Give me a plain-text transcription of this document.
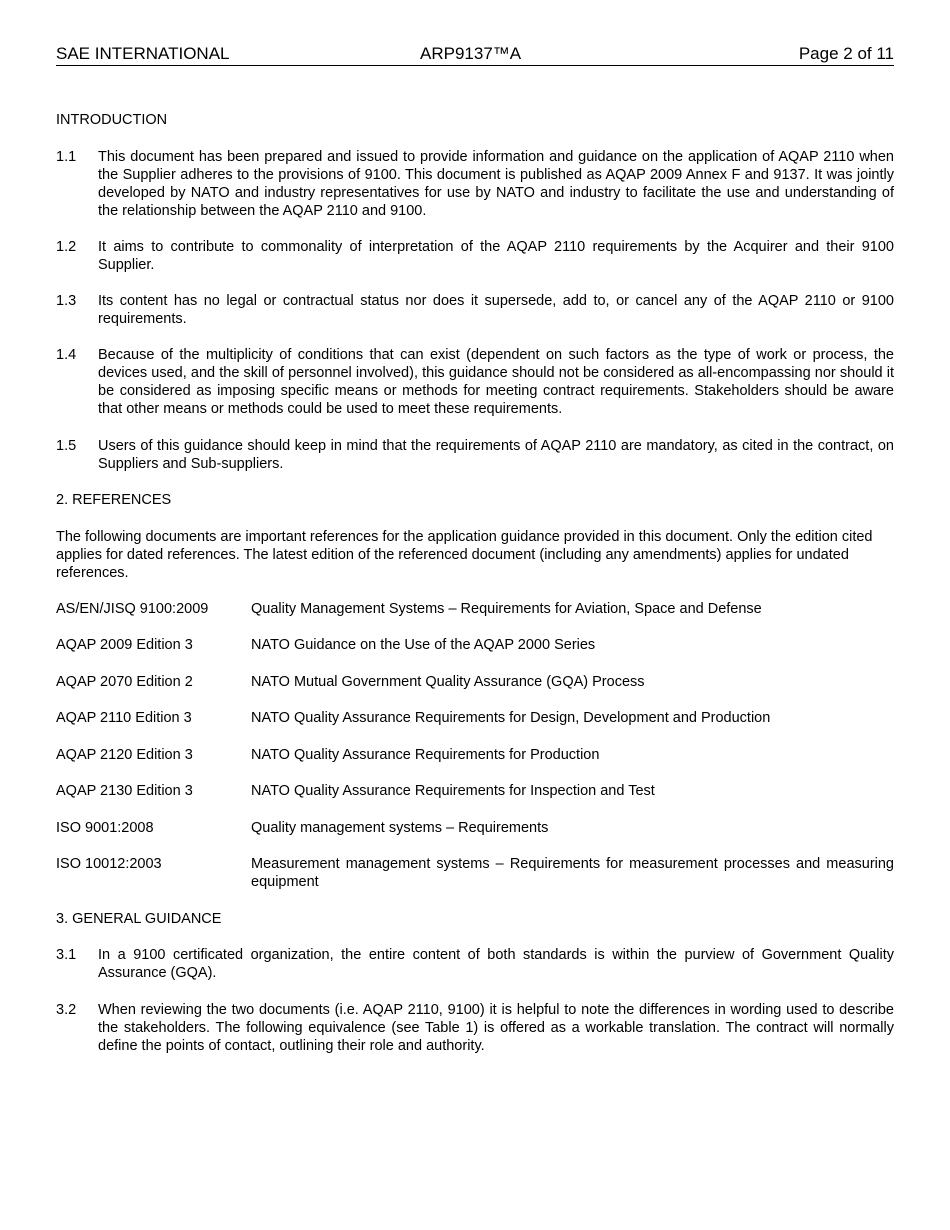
SAE INTERNATIONAL	ARP9137™A	Page 2 of 11
INTRODUCTION
1.1 This document has been prepared and issued to provide information and guidance on the application of AQAP 2110 when the Supplier adheres to the provisions of 9100. This document is published as AQAP 2009 Annex F and 9137. It was jointly developed by NATO and industry representatives for use by NATO and industry to facilitate the use and understanding of the relationship between the AQAP 2110 and 9100.
1.2 It aims to contribute to commonality of interpretation of the AQAP 2110 requirements by the Acquirer and their 9100 Supplier.
1.3 Its content has no legal or contractual status nor does it supersede, add to, or cancel any of the AQAP 2110 or 9100 requirements.
1.4 Because of the multiplicity of conditions that can exist (dependent on such factors as the type of work or process, the devices used, and the skill of personnel involved), this guidance should not be considered as all-encompassing nor should it be considered as imposing specific means or methods for meeting contract requirements. Stakeholders should be aware that other means or methods could be used to meet these requirements.
1.5 Users of this guidance should keep in mind that the requirements of AQAP 2110 are mandatory, as cited in the contract, on Suppliers and Sub-suppliers.
2. REFERENCES
The following documents are important references for the application guidance provided in this document. Only the edition cited applies for dated references. The latest edition of the referenced document (including any amendments) applies for undated references.
AS/EN/JISQ 9100:2009	Quality Management Systems – Requirements for Aviation, Space and Defense
AQAP 2009 Edition 3	NATO Guidance on the Use of the AQAP 2000 Series
AQAP 2070 Edition 2	NATO Mutual Government Quality Assurance (GQA) Process
AQAP 2110 Edition 3	NATO Quality Assurance Requirements for Design, Development and Production
AQAP 2120 Edition 3	NATO Quality Assurance Requirements for Production
AQAP 2130 Edition 3	NATO Quality Assurance Requirements for Inspection and Test
ISO 9001:2008	Quality management systems – Requirements
ISO 10012:2003	Measurement management systems – Requirements for measurement processes and measuring equipment
3. GENERAL GUIDANCE
3.1 In a 9100 certificated organization, the entire content of both standards is within the purview of Government Quality Assurance (GQA).
3.2 When reviewing the two documents (i.e. AQAP 2110, 9100) it is helpful to note the differences in wording used to describe the stakeholders. The following equivalence (see Table 1) is offered as a workable translation. The contract will normally define the points of contact, outlining their role and authority.
